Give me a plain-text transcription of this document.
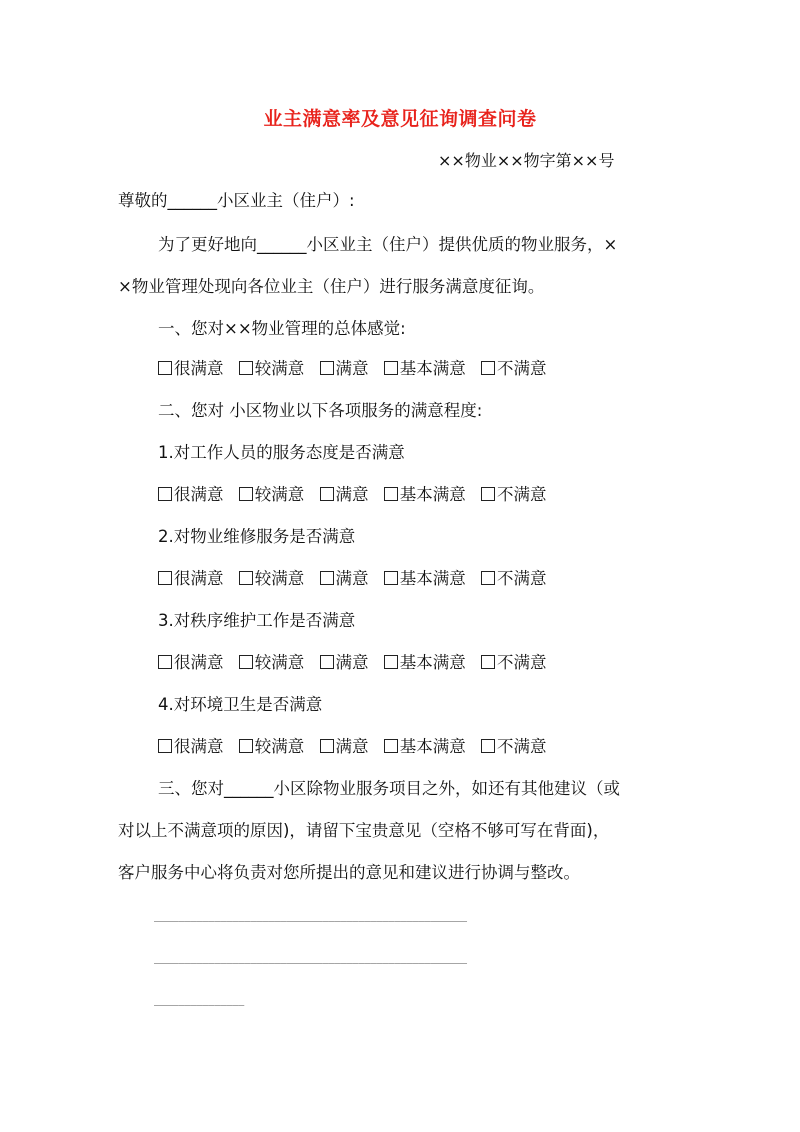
业主满意率及意见征询调查问卷
××物业××物字第××号
尊敬的______小区业主（住户）:
为了更好地向______小区业主（住户）提供优质的物业服务，×
×物业管理处现向各位业主（住户）进行服务满意度征询。
一、您对××物业管理的总体感觉:
很满意 较满意 满意 基本满意 不满意
二、您对 小区物业以下各项服务的满意程度:
1.对工作人员的服务态度是否满意
很满意 较满意 满意 基本满意 不满意
2.对物业维修服务是否满意
很满意 较满意 满意 基本满意 不满意
3.对秩序维护工作是否满意
很满意 较满意 满意 基本满意 不满意
4.对环境卫生是否满意
很满意 较满意 满意 基本满意 不满意
三、您对______小区除物业服务项目之外，如还有其他建议（或
对以上不满意项的原因)，请留下宝贵意见（空格不够可写在背面)，
客户服务中心将负责对您所提出的意见和建议进行协调与整改。
____________________________________________________
____________________________________________________
_______________
